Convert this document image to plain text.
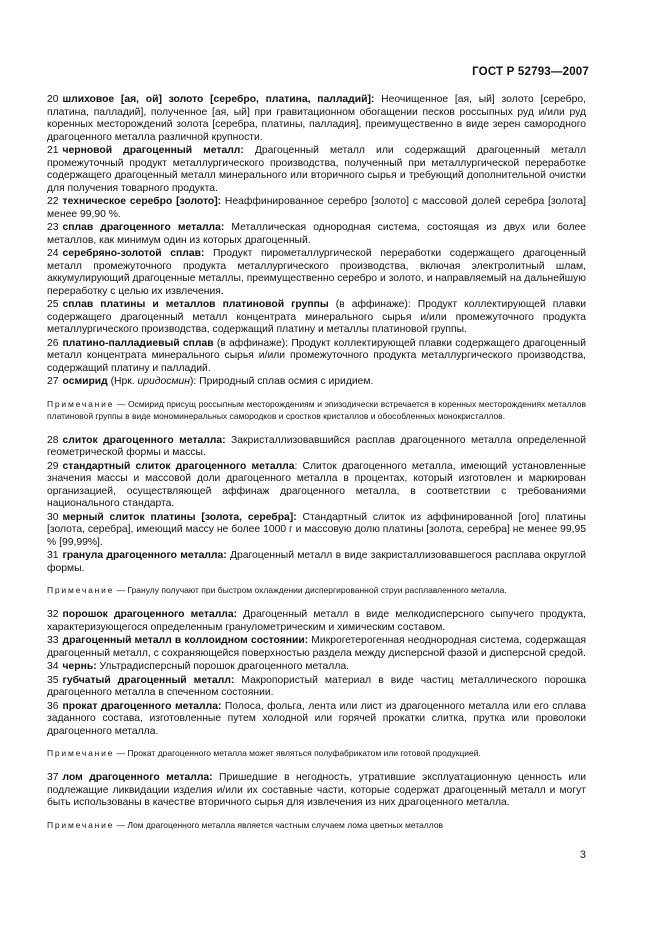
ГОСТ Р 52793—2007
20 шлиховое [ая, ой] золото [серебро, платина, палладий]: Неочищенное [ая, ый] золото [серебро, платина, палладий], полученное [ая, ый] при гравитационном обогащении песков россыпных руд и/или руд коренных месторождений золота [серебра, платины, палладия], преимущественно в виде зерен самородного драгоценного металла различной крупности.
21 черновой драгоценный металл: Драгоценный металл или содержащий драгоценный металл промежуточный продукт металлургического производства, полученный при металлургической переработке содержащего драгоценный металл минерального или вторичного сырья и требующий дополнительной очистки для получения товарного продукта.
22 техническое серебро [золото]: Неаффинированное серебро [золото] с массовой долей серебра [золота] менее 99,90 %.
23 сплав драгоценного металла: Металлическая однородная система, состоящая из двух или более металлов, как минимум один из которых драгоценный.
24 серебряно-золотой сплав: Продукт пирометаллургической переработки содержащего драгоценный металл промежуточного продукта металлургического производства, включая электролитный шлам, аккумулирующий драгоценные металлы, преимущественно серебро и золото, и направляемый на дальнейшую переработку с целью их извлечения.
25 сплав платины и металлов платиновой группы (в аффинаже): Продукт коллектирующей плавки содержащего драгоценный металл концентрата минерального сырья и/или промежуточного продукта металлургического производства, содержащий платину и металлы платиновой группы.
26 платино-палладиевый сплав (в аффинаже): Продукт коллектирующей плавки содержащего драгоценный металл концентрата минерального сырья и/или промежуточного продукта металлургического производства, содержащий платину и палладий.
27 осмирид (Нрк. иридосмин): Природный сплав осмия с иридием.
Примечание — Осмирид присущ россыпным месторождениям и эпизодически встречается в коренных месторождениях металлов платиновой группы в виде мономинеральных самородков и сростков кристаллов и обособленных монокристаллов.
28 слиток драгоценного металла: Закристаллизовавшийся расплав драгоценного металла определенной геометрической формы и массы.
29 стандартный слиток драгоценного металла: Слиток драгоценного металла, имеющий установленные значения массы и массовой доли драгоценного металла в процентах, который изготовлен и маркирован организацией, осуществляющей аффинаж драгоценного металла, в соответствии с требованиями национального стандарта.
30 мерный слиток платины [золота, серебра]: Стандартный слиток из аффинированной [ого] платины [золота, серебра], имеющий массу не более 1000 г и массовую долю платины [золота, серебра] не менее 99,95 % [99,99%].
31 гранула драгоценного металла: Драгоценный металл в виде закристаллизовавшегося расплава округлой формы.
Примечание — Гранулу получают при быстром охлаждении диспергированной струи расплавленного металла.
32 порошок драгоценного металла: Драгоценный металл в виде мелкодисперсного сыпучего продукта, характеризующегося определенным гранулометрическим и химическим составом.
33 драгоценный металл в коллоидном состоянии: Микрогетерогенная неоднородная система, содержащая драгоценный металл, с сохраняющейся поверхностью раздела между дисперсной фазой и дисперсной средой.
34 чернь: Ультрадисперсный порошок драгоценного металла.
35 губчатый драгоценный металл: Макропористый материал в виде частиц металлического порошка драгоценного металла в спеченном состоянии.
36 прокат драгоценного металла: Полоса, фольга, лента или лист из драгоценного металла или его сплава заданного состава, изготовленные путем холодной или горячей прокатки слитка, прутка или проволоки драгоценного металла.
Примечание — Прокат драгоценного металла может являться полуфабрикатом или готовой продукцией.
37 лом драгоценного металла: Пришедшие в негодность, утратившие эксплуатационную ценность или подлежащие ликвидации изделия и/или их составные части, которые содержат драгоценный металл и могут быть использованы в качестве вторичного сырья для извлечения из них драгоценного металла.
Примечание — Лом драгоценного металла является частным случаем лома цветных металлов
3
